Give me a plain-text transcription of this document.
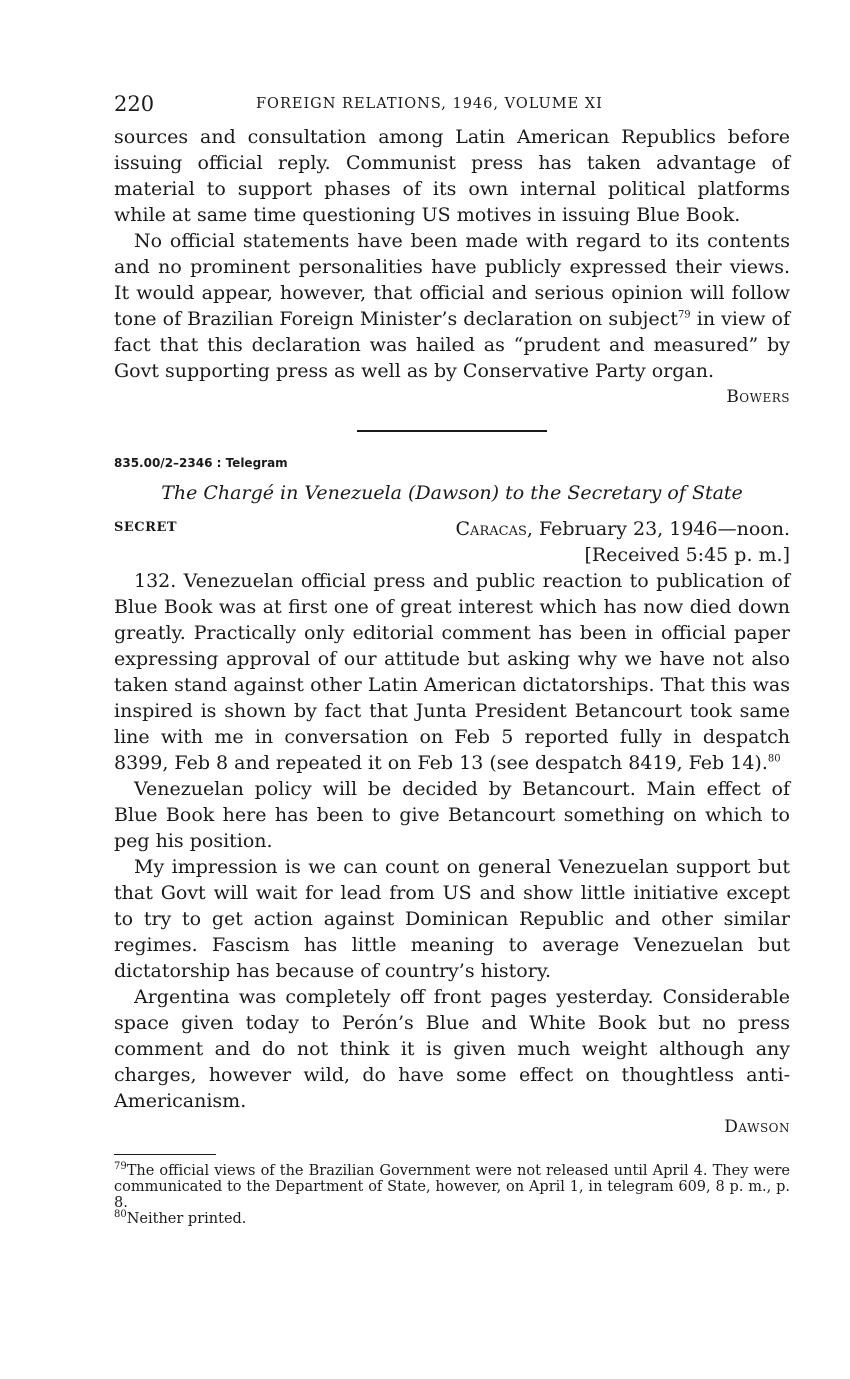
220	FOREIGN RELATIONS, 1946, VOLUME XI

sources and consultation among Latin American Republics before issuing official reply. Communist press has taken advantage of material to support phases of its own internal political platforms while at same time questioning US motives in issuing Blue Book.

No official statements have been made with regard to its contents and no prominent personalities have publicly expressed their views. It would appear, however, that official and serious opinion will follow tone of Brazilian Foreign Minister’s declaration on subject$^{79}$ in view of fact that this declaration was hailed as “prudent and measured” by Govt supporting press as well as by Conservative Party organ.

Bowers
835.00/2–2346 : Telegram
The Chargé in Venezuela (Dawson) to the Secretary of State
SECRET	Caracas, February 23, 1946—noon.
[Received 5:45 p. m.]

132. Venezuelan official press and public reaction to publication of Blue Book was at first one of great interest which has now died down greatly. Practically only editorial comment has been in official paper expressing approval of our attitude but asking why we have not also taken stand against other Latin American dictatorships. That this was inspired is shown by fact that Junta President Betancourt took same line with me in conversation on Feb 5 reported fully in despatch 8399, Feb 8 and repeated it on Feb 13 (see despatch 8419, Feb 14).$^{80}$

Venezuelan policy will be decided by Betancourt. Main effect of Blue Book here has been to give Betancourt something on which to peg his position.

My impression is we can count on general Venezuelan support but that Govt will wait for lead from US and show little initiative except to try to get action against Dominican Republic and other similar regimes. Fascism has little meaning to average Venezuelan but dictatorship has because of country’s history.

Argentina was completely off front pages yesterday. Considerable space given today to Perón’s Blue and White Book but no press comment and do not think it is given much weight although any charges, however wild, do have some effect on thoughtless anti-Americanism.

Dawson

$^{79}$The official views of the Brazilian Government were not released until April 4. They were communicated to the Department of State, however, on April 1, in telegram 609, 8 p. m., p. 8.

$^{80}$Neither printed.
